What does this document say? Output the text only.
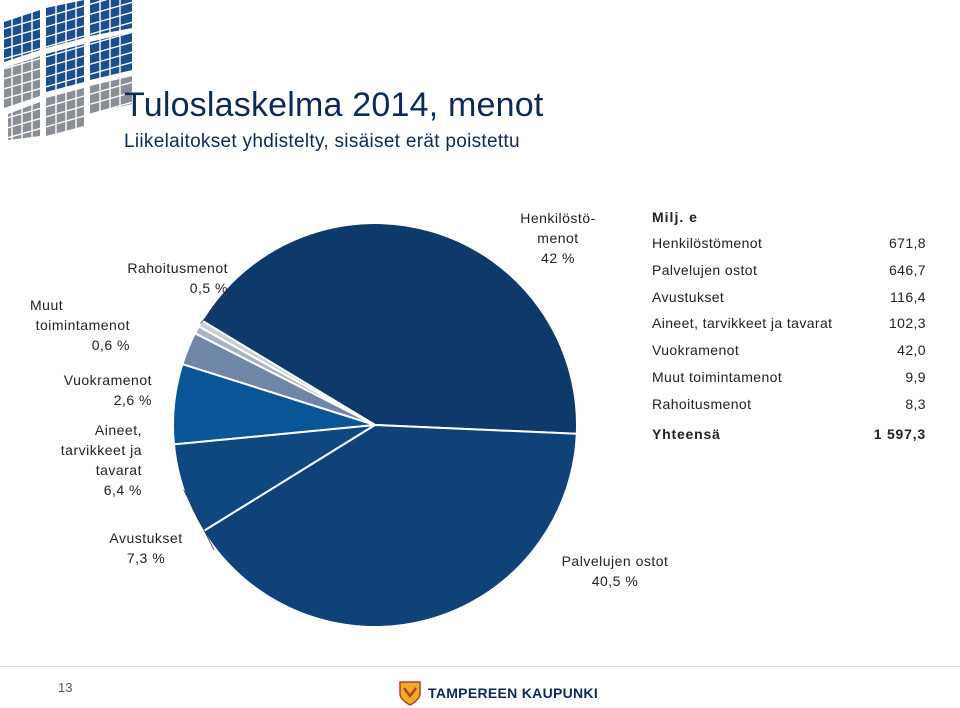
Tuloslaskelma 2014, menot
Liikelaitokset yhdistelty, sisäiset erät poistettu
Henkilöstö-
menot
42 %
Palvelujen ostot
40,5 %
Avustukset
7,3 %
Aineet,
tarvikkeet ja
tavarat
6,4 %
Vuokramenot
2,6 %
Muut
toimintamenot
0,6 %
Rahoitusmenot
0,5 %
Milj. e
Henkilöstömenot	671,8
Palvelujen ostot	646,7
Avustukset	116,4
Aineet, tarvikkeet ja tavarat	102,3
Vuokramenot	42,0
Muut toimintamenot	9,9
Rahoitusmenot	8,3
Yhteensä	1 597,3
13	TAMPEREEN KAUPUNKI
